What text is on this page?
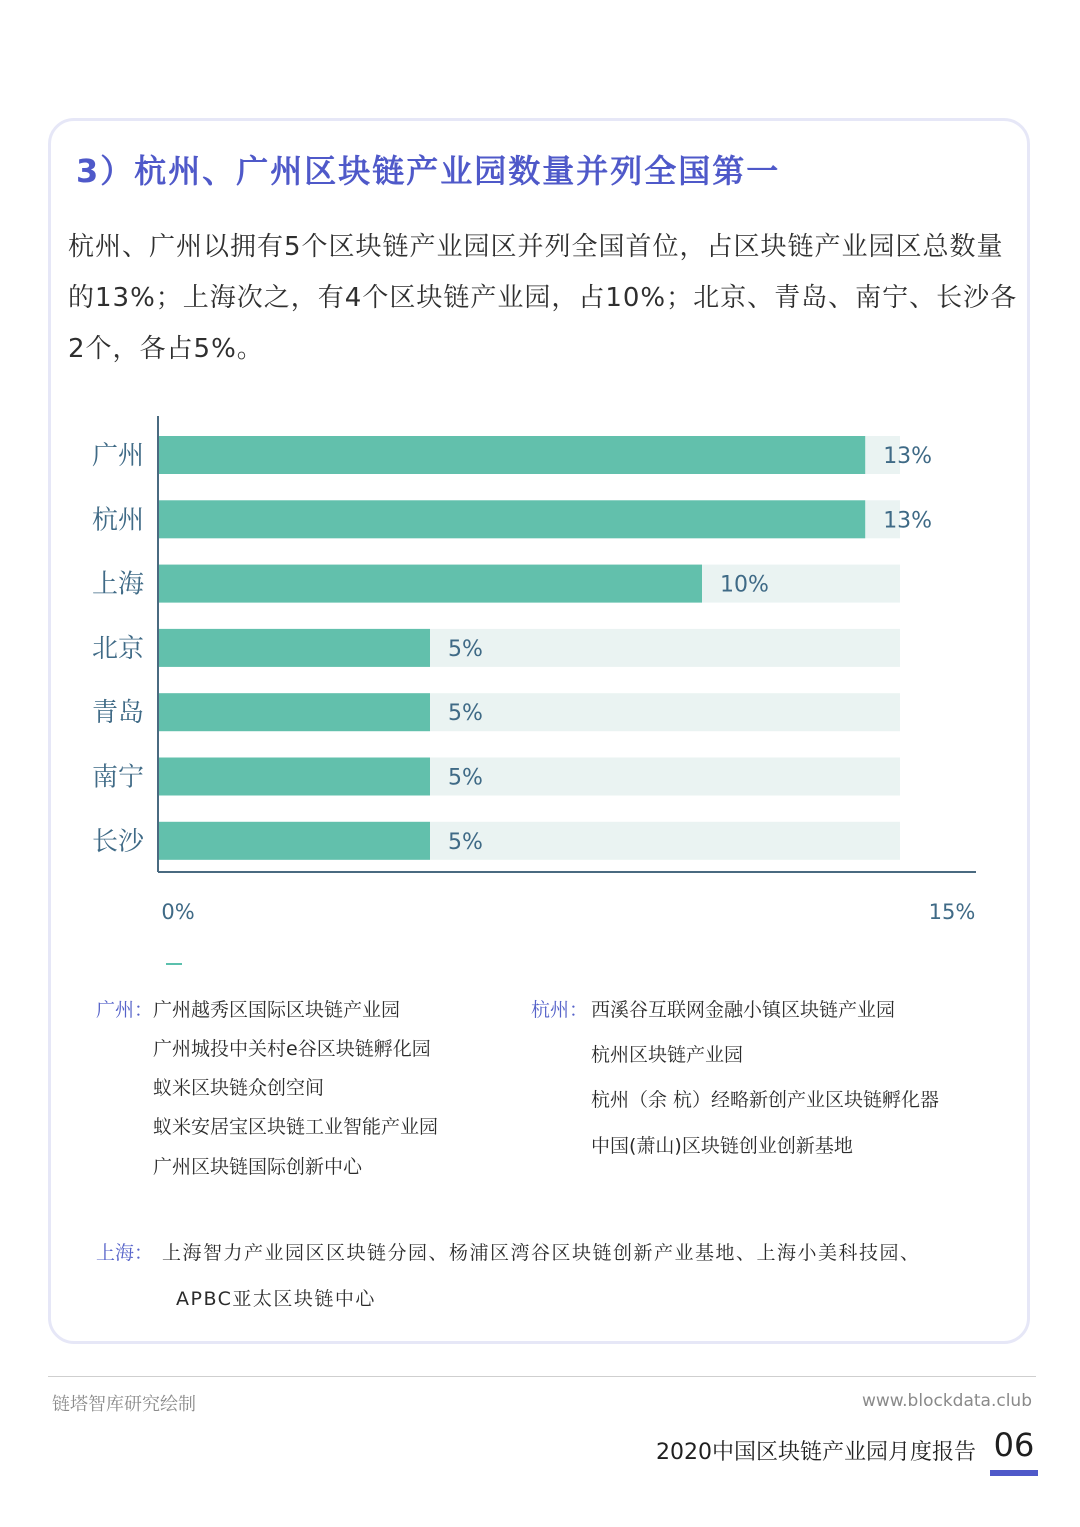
3）杭州、广州区块链产业园数量并列全国第一

杭州、广州以拥有5个区块链产业园区并列全国首位，占区块链产业园区总数量的13%；上海次之，有4个区块链产业园，占10%；北京、青岛、南宁、长沙各2个，各占5%。

广州	13%
杭州	13%
上海	10%
北京	5%
青岛	5%
南宁	5%
长沙	5%
0%	15%
广州： 广州越秀区国际区块链产业园
广州城投中关村e谷区块链孵化园
蚁米区块链众创空间
蚁米安居宝区块链工业智能产业园
广州区块链国际创新中心
杭州： 西溪谷互联网金融小镇区块链产业园
杭州区块链产业园
杭州（余 杭）经略新创产业区块链孵化器
中国(萧山)区块链创业创新基地
上海： 上海智力产业园区区块链分园、杨浦区湾谷区块链创新产业基地、上海小美科技园、
APBC亚太区块链中心
链塔智库研究绘制	www.blockdata.club
2020中国区块链产业园月度报告 06
